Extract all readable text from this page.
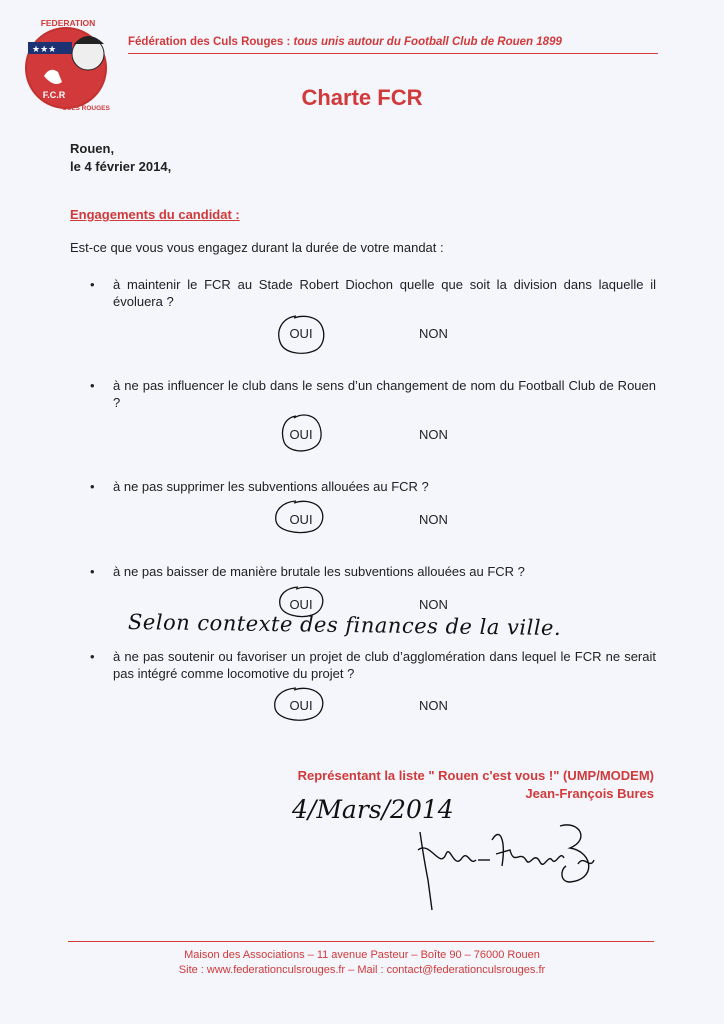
★★★
FEDERATION
F.C.R
CULS ROUGES
Fédération des Culs Rouges : tous unis autour du Football Club de Rouen 1899
Charte FCR
Rouen,
le 4 février 2014,
Engagements du candidat :
Est-ce que vous vous engagez durant la durée de votre mandat :
• à maintenir le FCR au Stade Robert Diochon quelle que soit la division dans laquelle il évoluera ?
OUI	NON
• à ne pas influencer le club dans le sens d’un changement de nom du Football Club de Rouen ?
OUI	NON
• à ne pas supprimer les subventions allouées au FCR ?
OUI	NON
• à ne pas baisser de manière brutale les subventions allouées au FCR ?
OUI	NON
Selon contexte des finances de la ville.
• à ne pas soutenir ou favoriser un projet de club d’agglomération dans lequel le FCR ne serait pas intégré comme locomotive du projet ?
OUI	NON
Représentant la liste " Rouen c'est vous !" (UMP/MODEM)
Jean-François Bures
4/Mars/2014
Maison des Associations – 11 avenue Pasteur – Boîte 90 – 76000 Rouen
Site : www.federationculsrouges.fr – Mail : contact@federationculsrouges.fr
